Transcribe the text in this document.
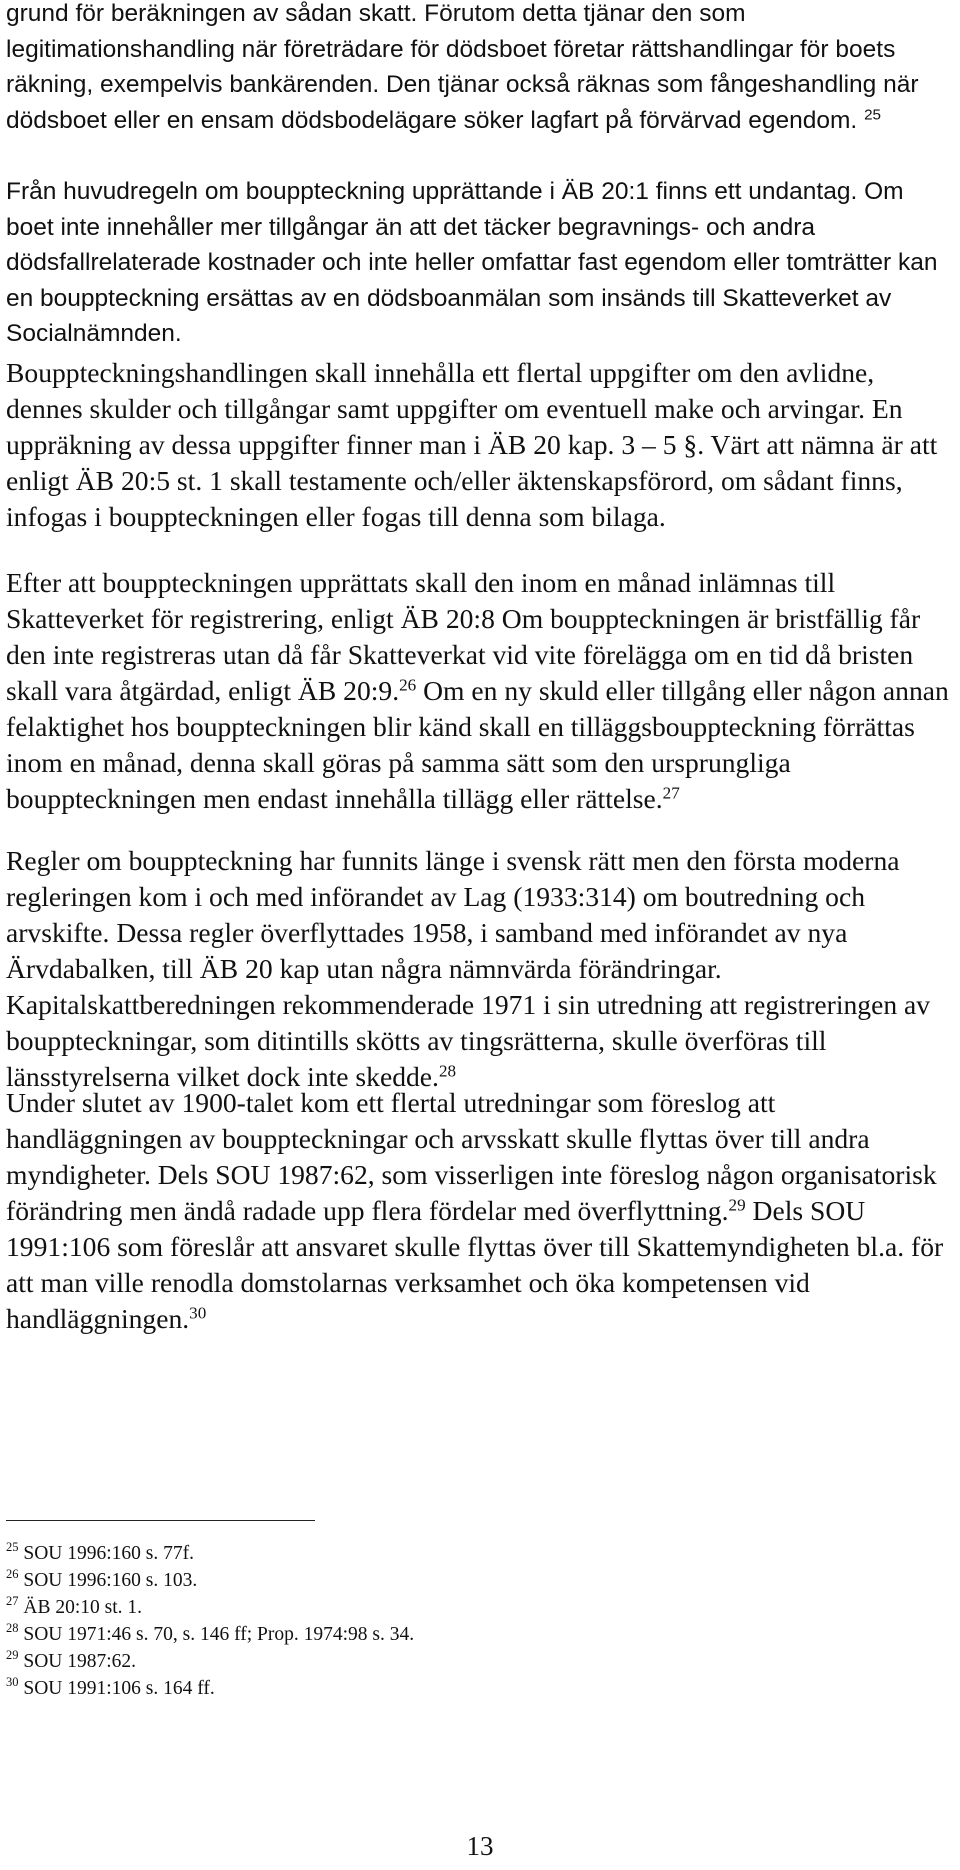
grund för beräkningen av sådan skatt. Förutom detta tjänar den som legitimationshandling när företrädare för dödsboet företar rättshandlingar för boets räkning, exempelvis bankärenden. Den tjänar också räknas som fångeshandling när dödsboet eller en ensam dödsbodelägare söker lagfart på förvärvad egendom. $^{25}$

Från huvudregeln om bouppteckning upprättande i ÄB 20:1 finns ett undantag. Om boet inte innehåller mer tillgångar än att det täcker begravnings- och andra dödsfallrelaterade kostnader och inte heller omfattar fast egendom eller tomträtter kan en bouppteckning ersättas av en dödsboanmälan som insänds till Skatteverket av Socialnämnden.

Bouppteckningshandlingen skall innehålla ett flertal uppgifter om den avlidne, dennes skulder och tillgångar samt uppgifter om eventuell make och arvingar. En uppräkning av dessa uppgifter finner man i ÄB 20 kap. 3 – 5 §. Värt att nämna är att enligt ÄB 20:5 st. 1 skall testamente och/eller äktenskapsförord, om sådant finns, infogas i bouppteckningen eller fogas till denna som bilaga.

Efter att bouppteckningen upprättats skall den inom en månad inlämnas till Skatteverket för registrering, enligt ÄB 20:8 Om bouppteckningen är bristfällig får den inte registreras utan då får Skatteverkat vid vite förelägga om en tid då bristen skall vara åtgärdad, enligt ÄB 20:9.26 Om en ny skuld eller tillgång eller någon annan felaktighet hos bouppteckningen blir känd skall en tilläggsbouppteckning förrättas inom en månad, denna skall göras på samma sätt som den ursprungliga bouppteckningen men endast innehålla tillägg eller rättelse.$^{27}$

Regler om bouppteckning har funnits länge i svensk rätt men den första moderna regleringen kom i och med införandet av Lag (1933:314) om boutredning och arvskifte. Dessa regler överflyttades 1958, i samband med införandet av nya Ärvdabalken, till ÄB 20 kap utan några nämnvärda förändringar. Kapitalskattberedningen rekommenderade 1971 i sin utredning att registreringen av bouppteckningar, som ditintills skötts av tingsrätterna, skulle överföras till länsstyrelserna vilket dock inte skedde.$^{28}$

Under slutet av 1900-talet kom ett flertal utredningar som föreslog att handläggningen av bouppteckningar och arvsskatt skulle flyttas över till andra myndigheter. Dels SOU 1987:62, som visserligen inte föreslog någon organisatorisk förändring men ändå radade upp flera fördelar med överflyttning.$^{29}$ Dels SOU 1991:106 som föreslår att ansvaret skulle flyttas över till Skattemyndigheten bl.a. för att man ville renodla domstolarnas verksamhet och öka kompetensen vid handläggningen.$^{30}$

$^{25}$ SOU 1996:160 s. 77f.

$^{26}$ SOU 1996:160 s. 103.

$^{27}$ ÄB 20:10 st. 1.

$^{28}$ SOU 1971:46 s. 70, s. 146 ff; Prop. 1974:98 s. 34.

$^{29}$ SOU 1987:62.

$^{30}$ SOU 1991:106 s. 164 ff.

13
